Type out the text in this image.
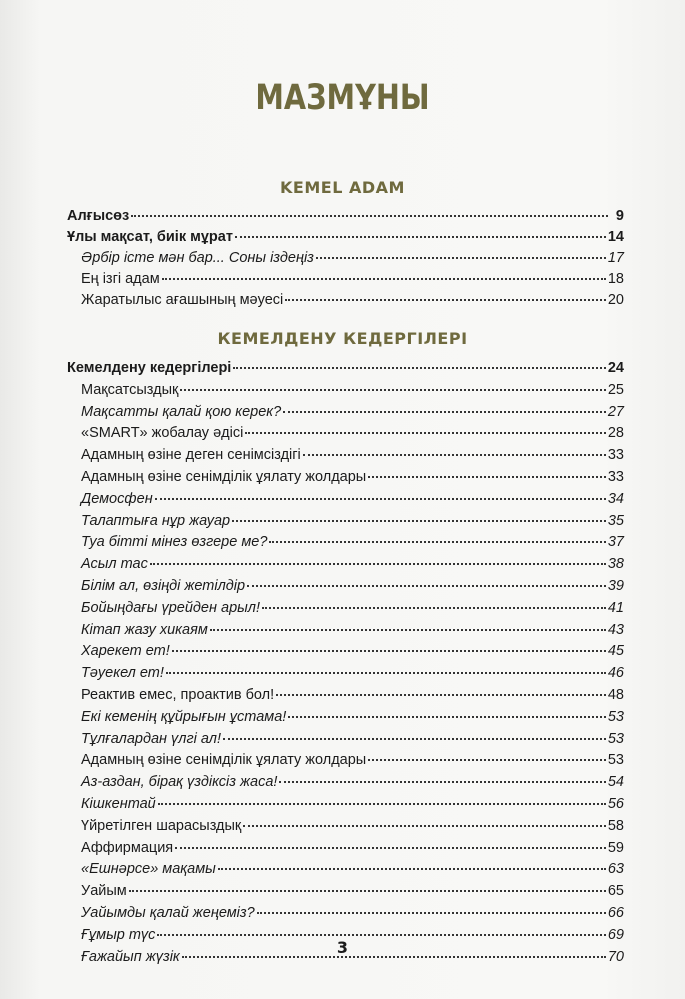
МАЗМҰНЫ
KEMEL ADAM
Алғысөз	9
Ұлы мақсат, биік мұрат	14
Әрбір істе мән бар... Соны іздеңіз	17
Ең ізгі адам	18
Жаратылыс ағашының мәуесі	20
КЕМЕЛДЕНУ КЕДЕРГІЛЕРІ
Кемелдену кедергілері	24
Мақсатсыздық	25
Мақсатты қалай қою керек?	27
«SMART» жобалау әдісі	28
Адамның өзіне деген сенімсіздігі	33
Адамның өзіне сенімділік ұялату жолдары	33
Демосфен	34
Талаптыға нұр жауар	35
Туа бітті мінез өзгере ме?	37
Асыл тас	38
Білім ал, өзіңді жетілдір	39
Бойыңдағы үрейден арыл!	41
Кітап жазу хикаям	43
Харекет ет!	45
Тәуекел ет!	46
Реактив емес, проактив бол!	48
Екі кеменің құйрығын ұстама!	53
Тұлғалардан үлгі ал!	53
Адамның өзіне сенімділік ұялату жолдары	53
Аз-аздан, бірақ үздіксіз жаса!	54
Кішкентай	56
Үйретілген шарасыздық	58
Аффирмация	59
«Ешнәрсе» мақамы	63
Уайым	65
Уайымды қалай жеңеміз?	66
Ғұмыр түс	69
Ғажайып жүзік	70
3
